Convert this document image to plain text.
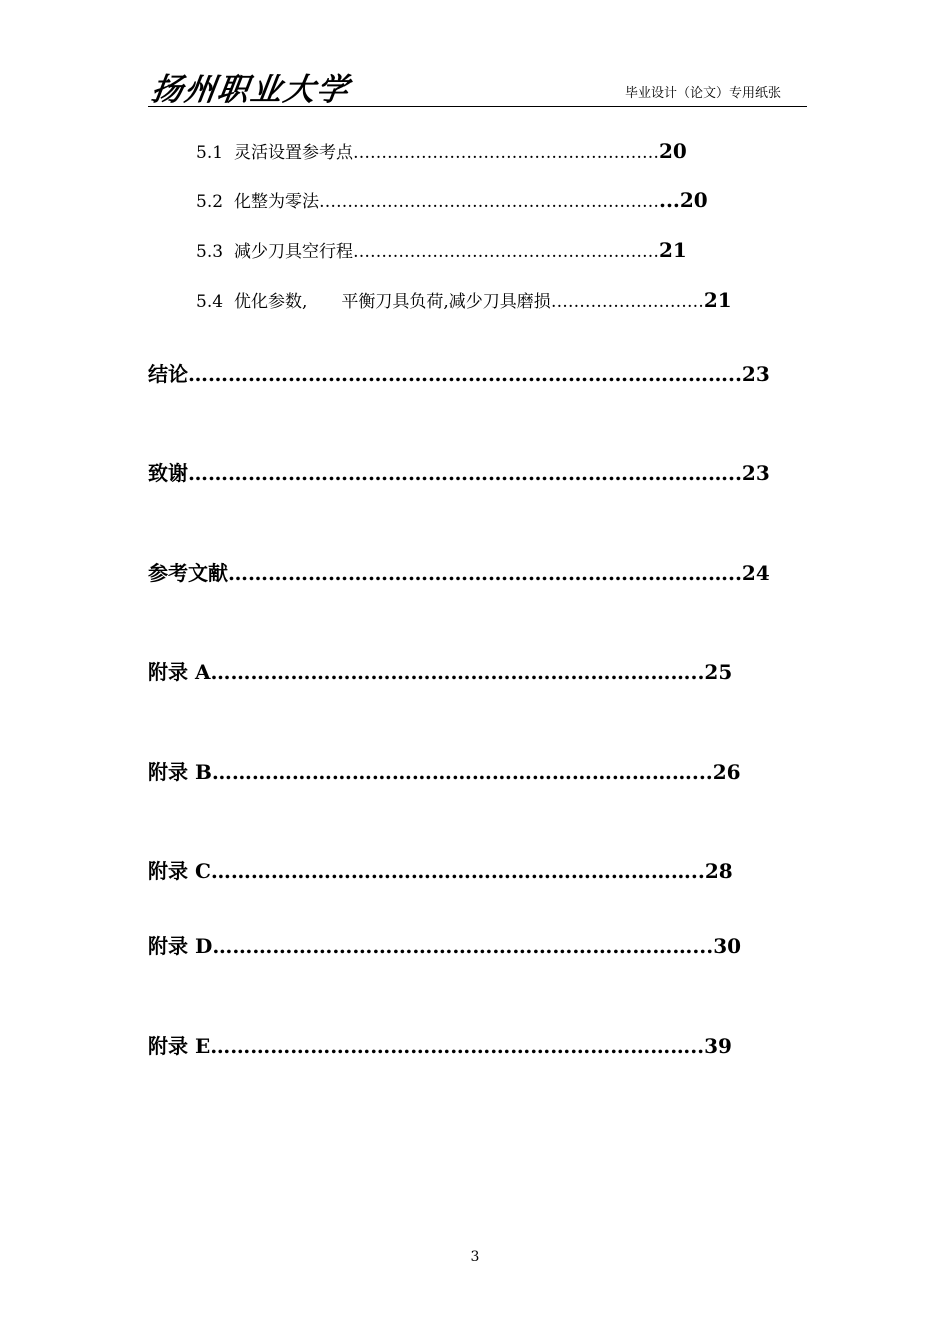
扬州职业大学	毕业设计（论文）专用纸张
5.1 灵活设置参考点………………………………………………20
5.2 化整为零法……………………………………………………...20
5.3 减少刀具空行程………………………………………………21
5.4 优化参数, 平衡刀具负荷,减少刀具磨损………………………21
结论………………………………………………………………………..23
致谢………………………………………………………………………..23
参考文献…………………………………………………………………..24
附录 A………………………………………………………………..25
附录 B………………………………………………………………...26
附录 C………………………………………………………………..28
附录 D………………………………………………………………...30
附录 E………………………………………………………………..39
3
